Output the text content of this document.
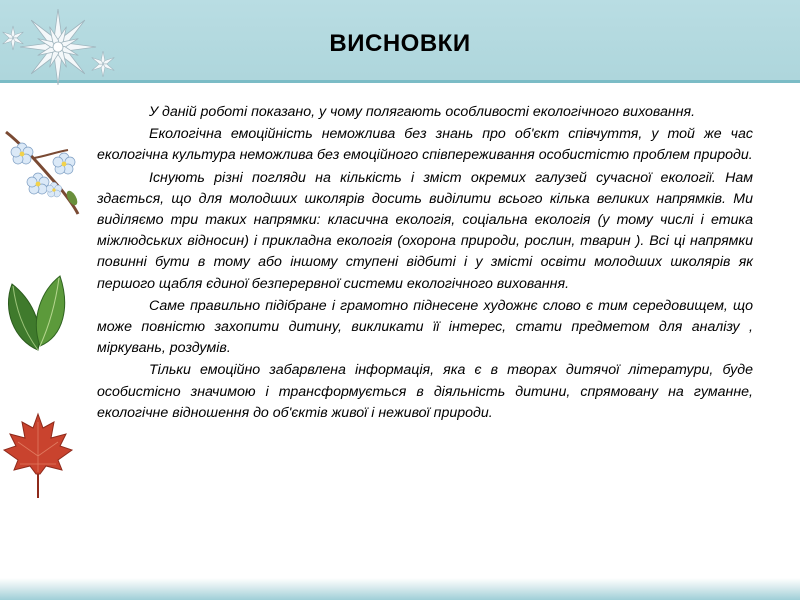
ВИСНОВКИ

У даній роботі показано, у чому полягають особливості екологічного виховання.

Екологічна емоційність неможлива без знань про об'єкт співчуття, у той же час екологічна культура неможлива без емоційного співпереживання особистістю проблем природи.

Існують різні погляди на кількість і зміст окремих галузей сучасної екології. Нам здається, що для молодших школярів досить виділити всього кілька великих напрямків. Ми виділяємо три таких напрямки: класична екологія, соціальна екологія (у тому числі і етика міжлюдських відносин) і прикладна екологія (охорона природи, рослин, тварин ). Всі ці напрямки повинні бути в тому або іншому ступені відбиті і у змісті освіти молодших школярів як першого щабля єдиної безперервної системи екологічного виховання.

Саме правильно підібране і грамотно піднесене художнє слово є тим середовищем, що може повністю захопити дитину, викликати її інтерес, стати предметом для аналізу , міркувань, роздумів.

Тільки емоційно забарвлена інформація, яка є в творах дитячої літератури, буде особистісно значимою і трансформується в діяльність дитини, спрямовану на гуманне, екологічне відношення до об'єктів живої і неживої природи.
